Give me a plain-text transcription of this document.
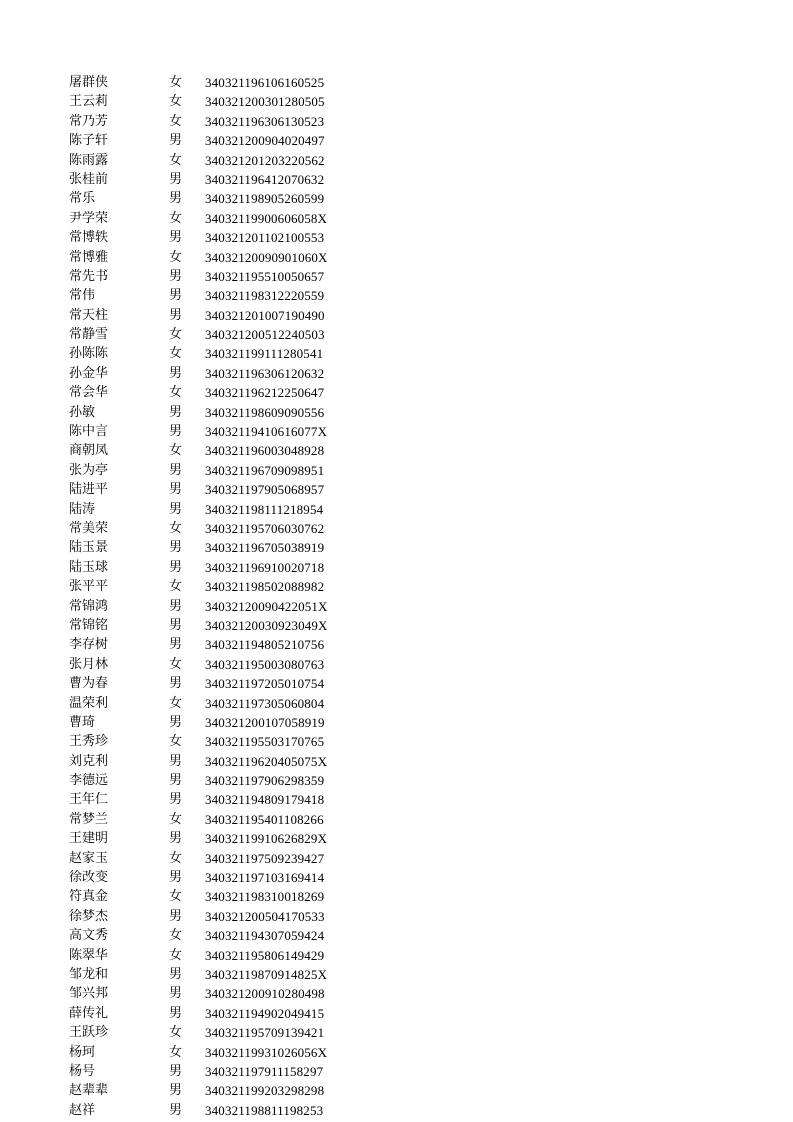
屠群侠	女	340321196106160525
王云莉	女	340321200301280505
常乃芳	女	340321196306130523
陈子轩	男	340321200904020497
陈雨露	女	340321201203220562
张桂前	男	340321196412070632
常乐	男	340321198905260599
尹学荣	女	34032119900606058X
常博轶	男	340321201102100553
常博雅	女	34032120090901060X
常先书	男	340321195510050657
常伟	男	340321198312220559
常天柱	男	340321201007190490
常静雪	女	340321200512240503
孙陈陈	女	340321199111280541
孙金华	男	340321196306120632
常会华	女	340321196212250647
孙敏	男	340321198609090556
陈中言	男	34032119410616077X
商朝凤	女	340321196003048928
张为亭	男	340321196709098951
陆进平	男	340321197905068957
陆涛	男	340321198111218954
常美荣	女	340321195706030762
陆玉景	男	340321196705038919
陆玉球	男	340321196910020718
张平平	女	340321198502088982
常锦鸿	男	34032120090422051X
常锦铭	男	34032120030923049X
李存树	男	340321194805210756
张月林	女	340321195003080763
曹为春	男	340321197205010754
温荣利	女	340321197305060804
曹琦	男	340321200107058919
王秀珍	女	340321195503170765
刘克利	男	34032119620405075X
李德远	男	340321197906298359
王年仁	男	340321194809179418
常梦兰	女	340321195401108266
王建明	男	34032119910626829X
赵家玉	女	340321197509239427
徐改变	男	340321197103169414
符真金	女	340321198310018269
徐梦杰	男	340321200504170533
高文秀	女	340321194307059424
陈翠华	女	340321195806149429
邹龙和	男	34032119870914825X
邹兴邦	男	340321200910280498
薛传礼	男	340321194902049415
王跃珍	女	340321195709139421
杨珂	女	34032119931026056X
杨号	男	340321197911158297
赵辈辈	男	340321199203298298
赵祥	男	340321198811198253
